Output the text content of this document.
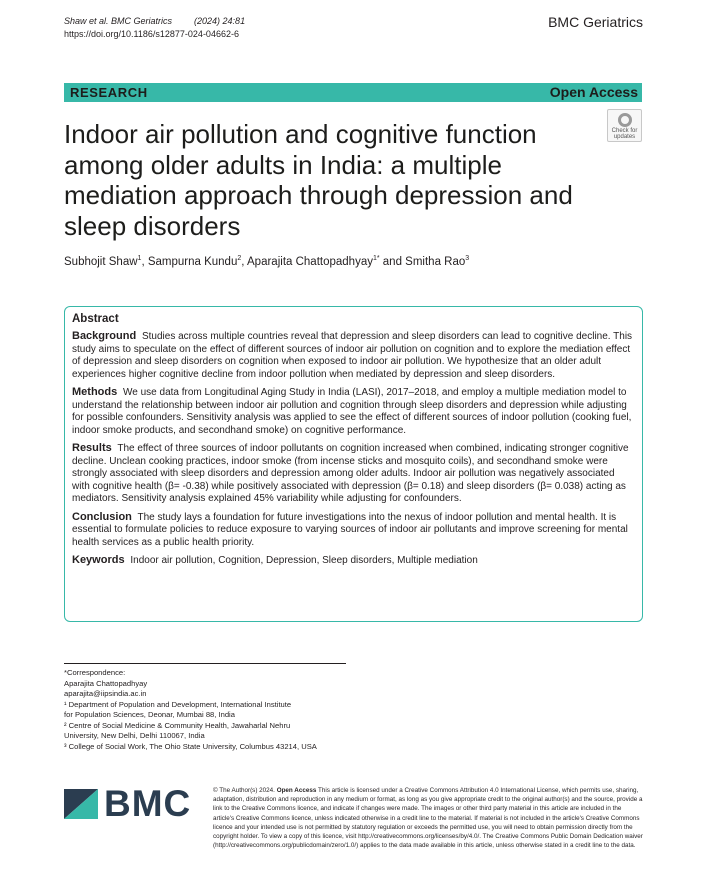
Shaw et al. BMC Geriatrics (2024) 24:81
https://doi.org/10.1186/s12877-024-04662-6
BMC Geriatrics
RESEARCH	Open Access
Check for
updates
Indoor air pollution and cognitive function among older adults in India: a multiple mediation approach through depression and sleep disorders
Subhojit Shaw$^1$, Sampurna Kundu$^2$, Aparajita Chattopadhyay$^{1*}$ and Smitha Rao$^3$
Abstract

Background Studies across multiple countries reveal that depression and sleep disorders can lead to cognitive decline. This study aims to speculate on the effect of different sources of indoor air pollution on cognition and to explore the mediation effect of depression and sleep disorders on cognition when exposed to indoor air pollution. We hypothesize that an older adult experiences higher cognitive decline from indoor pollution when mediated by depression and sleep disorders.

Methods We use data from Longitudinal Aging Study in India (LASI), 2017–2018, and employ a multiple mediation model to understand the relationship between indoor air pollution and cognition through sleep disorders and depression while adjusting for possible confounders. Sensitivity analysis was applied to see the effect of different sources of indoor pollution (cooking fuel, indoor smoke products, and secondhand smoke) on cognitive performance.

Results The effect of three sources of indoor pollutants on cognition increased when combined, indicating stronger cognitive decline. Unclean cooking practices, indoor smoke (from incense sticks and mosquito coils), and secondhand smoke were strongly associated with sleep disorders and depression among older adults. Indoor air pollution was negatively associated with cognitive health (β= -0.38) while positively associated with depression (β= 0.18) and sleep disorders (β= 0.038) acting as mediators. Sensitivity analysis explained 45% variability while adjusting for confounders.

Conclusion The study lays a foundation for future investigations into the nexus of indoor pollution and mental health. It is essential to formulate policies to reduce exposure to varying sources of indoor air pollutants and improve screening for mental health services as a public health priority.

Keywords Indoor air pollution, Cognition, Depression, Sleep disorders, Multiple mediation

*Correspondence:
Aparajita Chattopadhyay
aparajita@iipsindia.ac.in
¹ Department of Population and Development, International Institute
for Population Sciences, Deonar, Mumbai 88, India
² Centre of Social Medicine & Community Health, Jawaharlal Nehru
University, New Delhi, Delhi 110067, India
³ College of Social Work, The Ohio State University, Columbus 43214, USA
BMC	© The Author(s) 2024. Open Access This article is licensed under a Creative Commons Attribution 4.0 International License, which permits use, sharing, adaptation, distribution and reproduction in any medium or format, as long as you give appropriate credit to the original author(s) and the source, provide a link to the Creative Commons licence, and indicate if changes were made. The images or other third party material in this article are included in the article's Creative Commons licence, unless indicated otherwise in a credit line to the material. If material is not included in the article's Creative Commons licence and your intended use is not permitted by statutory regulation or exceeds the permitted use, you will need to obtain permission directly from the copyright holder. To view a copy of this licence, visit http://creativecommons.org/licenses/by/4.0/. The Creative Commons Public Domain Dedication waiver (http://creativecommons.org/publicdomain/zero/1.0/) applies to the data made available in this article, unless otherwise stated in a credit line to the data.
